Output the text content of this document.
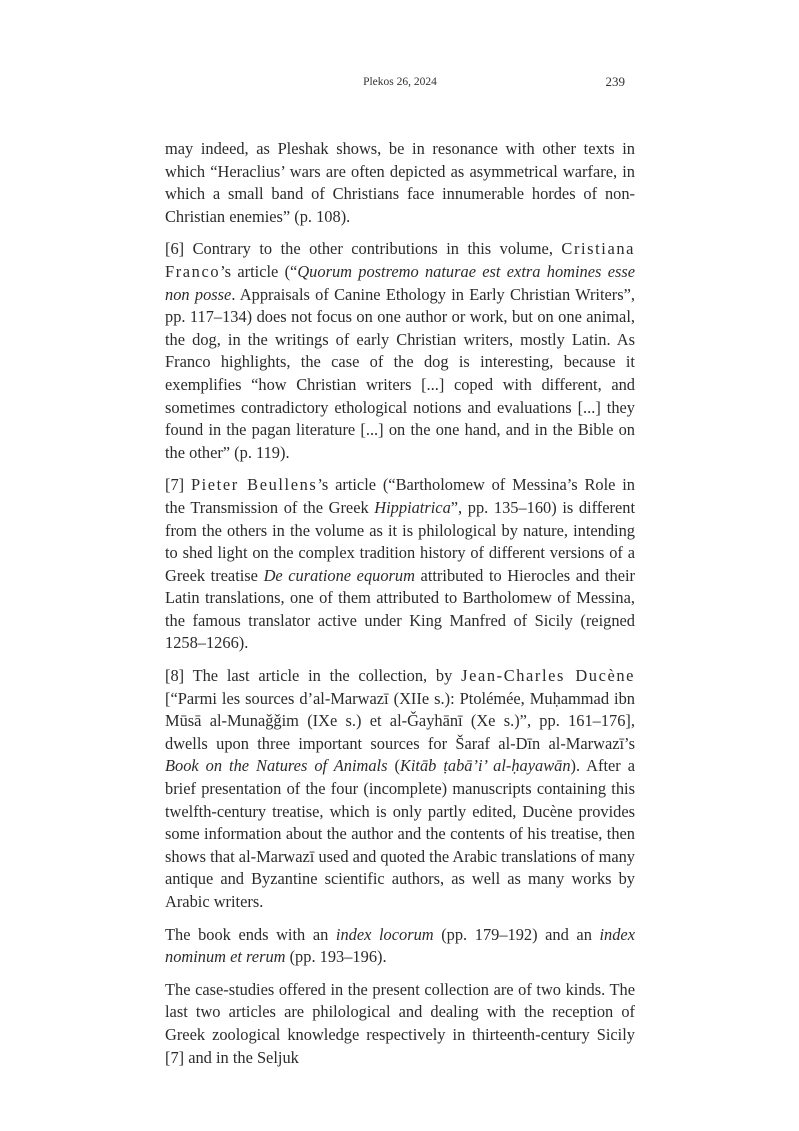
Plekos 26, 2024	239

may indeed, as Pleshak shows, be in resonance with other texts in which “Heraclius’ wars are often depicted as asymmetrical warfare, in which a small band of Christians face innumerable hordes of non-Christian enemies” (p. 108).

[6] Contrary to the other contributions in this volume, Cristiana Franco’s article (“Quorum postremo naturae est extra homines esse non posse. Appraisals of Canine Ethology in Early Christian Writers”, pp. 117–134) does not focus on one author or work, but on one animal, the dog, in the writings of early Christian writers, mostly Latin. As Franco highlights, the case of the dog is interesting, because it exemplifies “how Christian writers [...] coped with different, and sometimes contradictory ethological notions and evaluations [...] they found in the pagan literature [...] on the one hand, and in the Bible on the other” (p. 119).

[7] Pieter Beullens’s article (“Bartholomew of Messina’s Role in the Transmission of the Greek Hippiatrica”, pp. 135–160) is different from the others in the volume as it is philological by nature, intending to shed light on the complex tradition history of different versions of a Greek treatise De curatione equorum attributed to Hierocles and their Latin translations, one of them attributed to Bartholomew of Messina, the famous translator active under King Manfred of Sicily (reigned 1258–1266).

[8] The last article in the collection, by Jean-Charles Ducène [“Parmi les sources d’al-Marwazī (XIIe s.): Ptolémée, Muḥammad ibn Mūsā al-Munaǧǧim (IXe s.) et al-Ǧayhānī (Xe s.)”, pp. 161–176], dwells upon three important sources for Šaraf al-Dīn al-Marwazī’s Book on the Natures of Animals (Kitāb ṭabā’i’ al-ḥayawān). After a brief presentation of the four (incomplete) manuscripts containing this twelfth-century treatise, which is only partly edited, Ducène provides some information about the author and the contents of his treatise, then shows that al-Marwazī used and quoted the Arabic translations of many antique and Byzantine scientific authors, as well as many works by Arabic writers.

The book ends with an index locorum (pp. 179–192) and an index nominum et rerum (pp. 193–196).

The case-studies offered in the present collection are of two kinds. The last two articles are philological and dealing with the reception of Greek zoological knowledge respectively in thirteenth-century Sicily [7] and in the Seljuk
